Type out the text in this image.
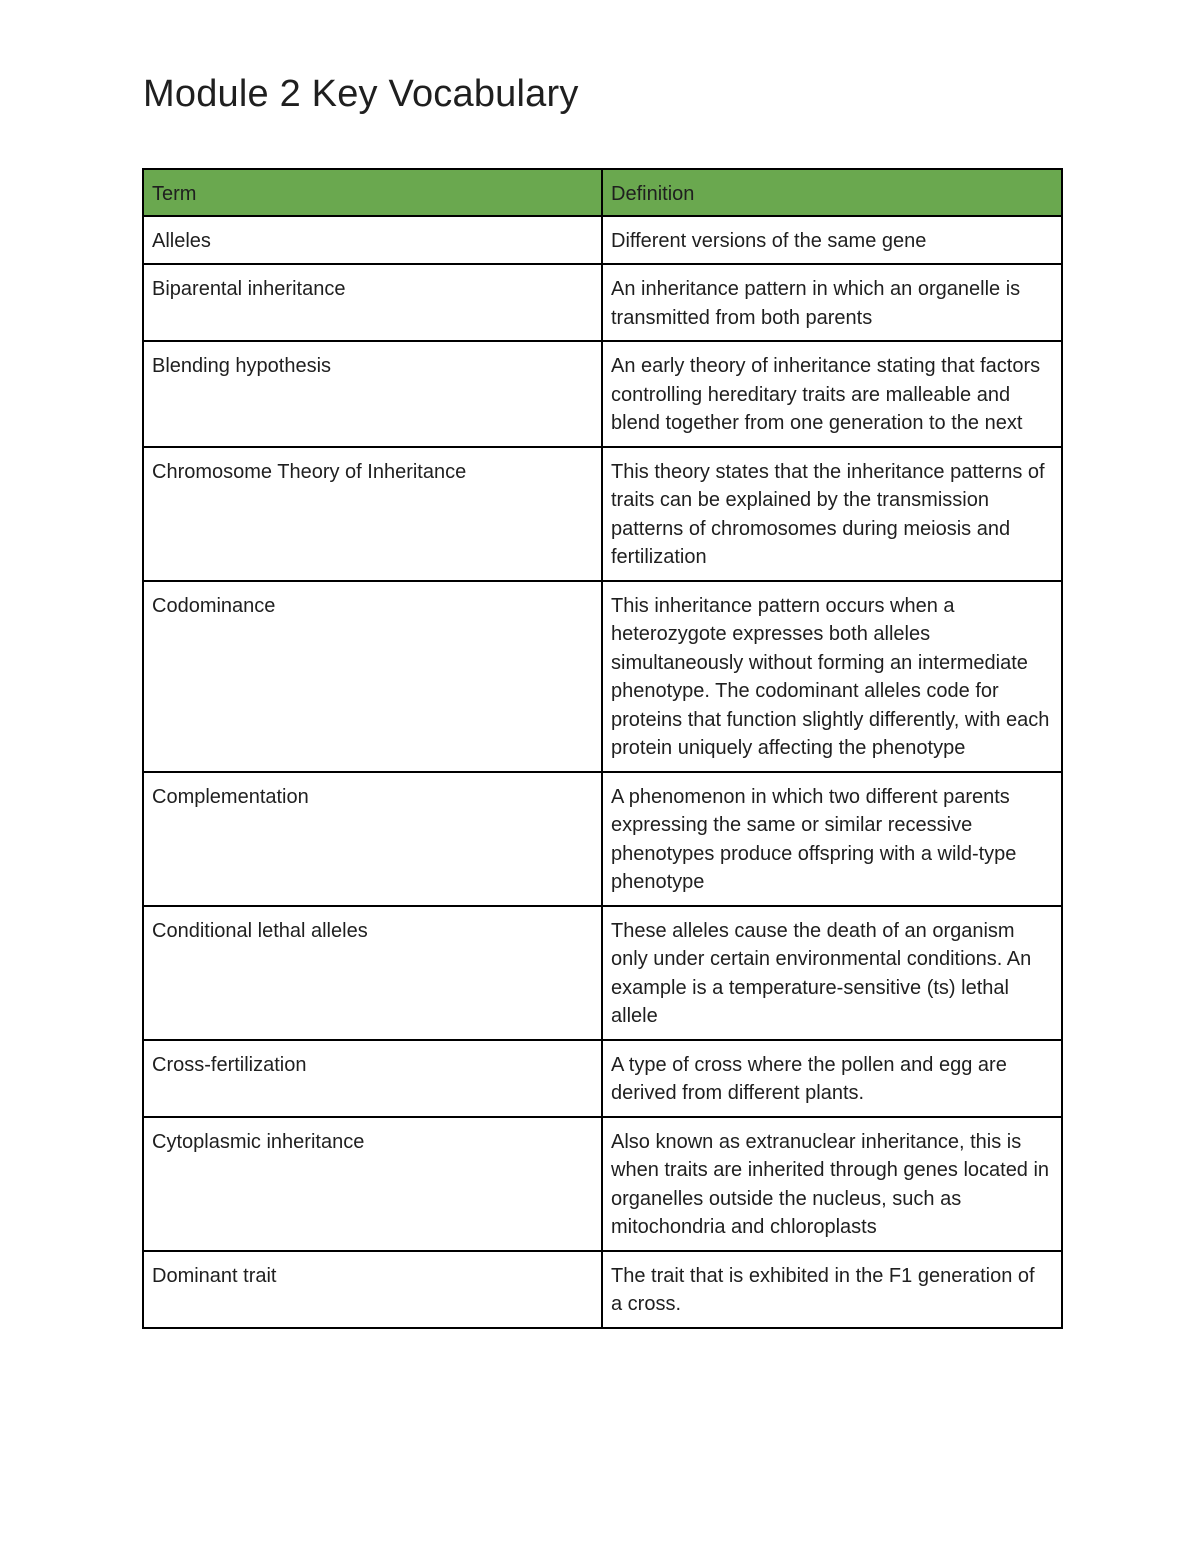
Module 2 Key Vocabulary
Term	Definition
Alleles	Different versions of the same gene
Biparental inheritance	An inheritance pattern in which an organelle is transmitted from both parents
Blending hypothesis	An early theory of inheritance stating that factors controlling hereditary traits are malleable and blend together from one generation to the next
Chromosome Theory of Inheritance	This theory states that the inheritance patterns of traits can be explained by the transmission patterns of chromosomes during meiosis and fertilization
Codominance	This inheritance pattern occurs when a heterozygote expresses both alleles simultaneously without forming an intermediate phenotype. The codominant alleles code for proteins that function slightly differently, with each protein uniquely affecting the phenotype
Complementation	A phenomenon in which two different parents expressing the same or similar recessive phenotypes produce offspring with a wild-type phenotype
Conditional lethal alleles	These alleles cause the death of an organism only under certain environmental conditions. An example is a temperature-sensitive (ts) lethal allele
Cross-fertilization	A type of cross where the pollen and egg are derived from different plants.
Cytoplasmic inheritance	Also known as extranuclear inheritance, this is when traits are inherited through genes located in organelles outside the nucleus, such as mitochondria and chloroplasts
Dominant trait	The trait that is exhibited in the F1 generation of a cross.
